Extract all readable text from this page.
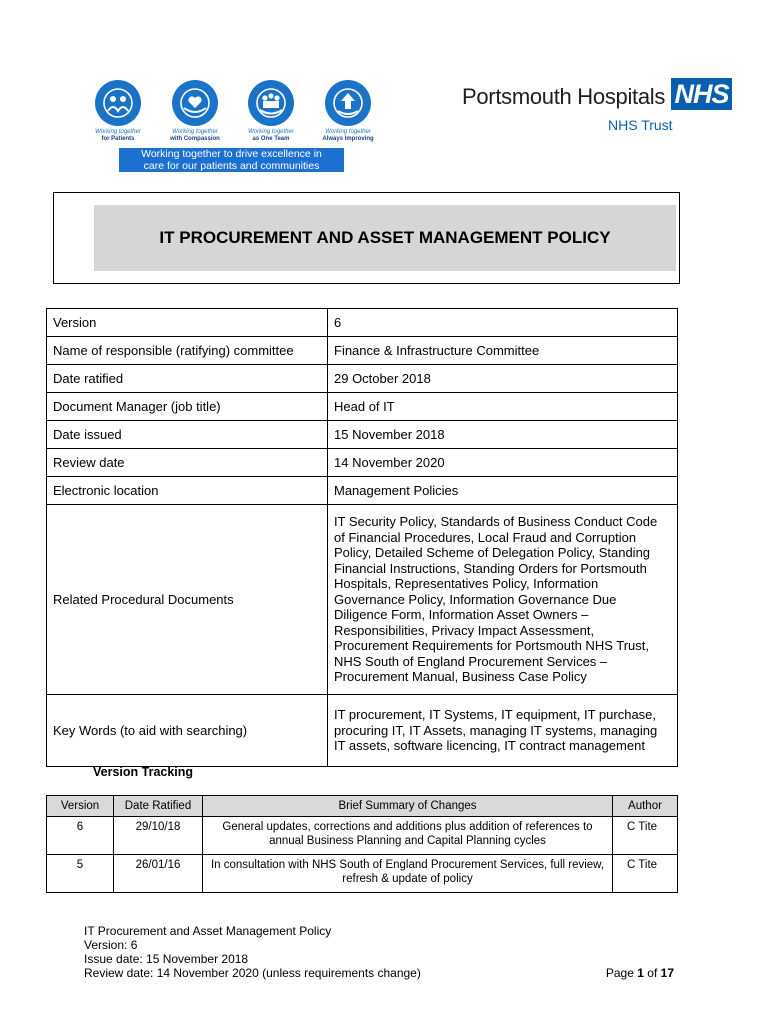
Working together
for Patients
Working together
with Compassion
Working together
as One Team
Working together
Always Improving
Working together to drive excellence in
care for our patients and communities
Portsmouth Hospitals NHS
NHS Trust
IT PROCUREMENT AND ASSET MANAGEMENT POLICY
Version	6
Name of responsible (ratifying) committee	Finance & Infrastructure Committee
Date ratified	29 October 2018
Document Manager (job title)	Head of IT
Date issued	15 November 2018
Review date	14 November 2020
Electronic location	Management Policies
Related Procedural Documents	IT Security Policy, Standards of Business Conduct Code of Financial Procedures, Local Fraud and Corruption Policy, Detailed Scheme of Delegation Policy, Standing Financial Instructions, Standing Orders for Portsmouth Hospitals, Representatives Policy, Information Governance Policy, Information Governance Due Diligence Form, Information Asset Owners – Responsibilities, Privacy Impact Assessment, Procurement Requirements for Portsmouth NHS Trust, NHS South of England Procurement Services – Procurement Manual, Business Case Policy
Key Words (to aid with searching)	IT procurement, IT Systems, IT equipment, IT purchase, procuring IT, IT Assets, managing IT systems, managing IT assets, software licencing, IT contract management
Version Tracking
Version	Date Ratified	Brief Summary of Changes	Author
6	29/10/18	General updates, corrections and additions plus addition of references to annual Business Planning and Capital Planning cycles	C Tite
5	26/01/16	In consultation with NHS South of England Procurement Services, full review, refresh & update of policy	C Tite
IT Procurement and Asset Management Policy
Version: 6
Issue date: 15 November 2018
Review date: 14 November 2020 (unless requirements change)	Page 1 of 17
